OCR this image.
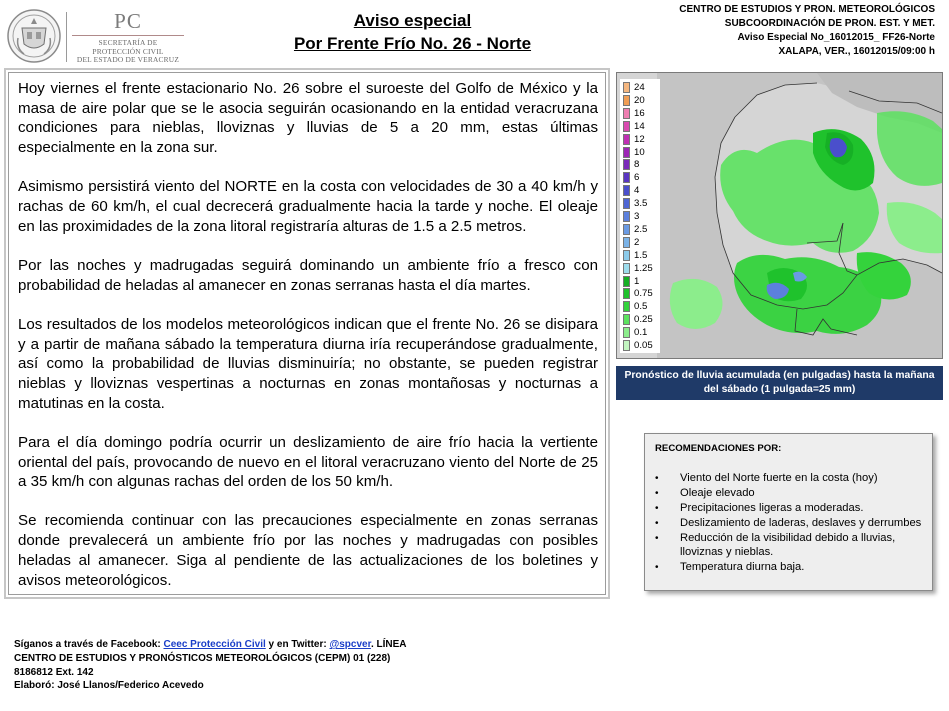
PC
SECRETARÍA DE
PROTECCIÓN CIVIL
DEL ESTADO DE VERACRUZ
Aviso especial
Por Frente Frío No. 26 - Norte
CENTRO DE ESTUDIOS Y PRON. METEOROLÓGICOS
SUBCOORDINACIÓN DE PRON. EST. Y MET.
Aviso Especial No_16012015_ FF26-Norte
XALAPA, VER., 16012015/09:00 h

Hoy viernes el frente estacionario No. 26 sobre el suroeste del Golfo de México y la masa de aire polar que se le asocia seguirán ocasionando en la entidad veracruzana condiciones para nieblas, lloviznas y lluvias de 5 a 20 mm, estas últimas especialmente en la zona sur.

Asimismo persistirá viento del NORTE en la costa con velocidades de 30 a 40 km/h y rachas de 60 km/h, el cual decrecerá gradualmente hacia la tarde y noche. El oleaje en las proximidades de la zona litoral registraría alturas de 1.5 a 2.5 metros.

Por las noches y madrugadas seguirá dominando un ambiente frío a fresco con probabilidad de heladas al amanecer en zonas serranas hasta el día martes.

Los resultados de los modelos meteorológicos indican que el frente No. 26 se disipara y a partir de mañana sábado la temperatura diurna iría recuperándose gradualmente, así como la probabilidad de lluvias disminuiría; no obstante, se pueden registrar nieblas y lloviznas vespertinas a nocturnas en zonas montañosas y nocturnas a matutinas en la costa.

Para el día domingo podría ocurrir un deslizamiento de aire frío hacia la vertiente oriental del país, provocando de nuevo en el litoral veracruzano viento del Norte de 25 a 35 km/h con algunas rachas del orden de los 50 km/h.

Se recomienda continuar con las precauciones especialmente en zonas serranas donde prevalecerá un ambiente frío por las noches y madrugadas con posibles heladas al amanecer. Siga al pendiente de las actualizaciones de los boletines y avisos meteorológicos.

24
20
16
14
12
10
8
6
4
3.5
3
2.5
2
1.5
1.25
1
0.75
0.5
0.25
0.1
0.05
Pronóstico de lluvia acumulada (en pulgadas) hasta la mañana del sábado (1 pulgada=25 mm)
RECOMENDACIONES POR:
• Viento del Norte fuerte en la costa (hoy)
• Oleaje elevado
• Precipitaciones ligeras a moderadas.
• Deslizamiento de laderas, deslaves y derrumbes
• Reducción de la visibilidad debido a lluvias, lloviznas y nieblas.
• Temperatura diurna baja.
Síganos a través de Facebook: Ceec Protección Civil y en Twitter: @spcver. LÍNEA
CENTRO DE ESTUDIOS Y PRONÓSTICOS METEOROLÓGICOS (CEPM) 01 (228)
8186812 Ext. 142
Elaboró: José Llanos/Federico Acevedo
